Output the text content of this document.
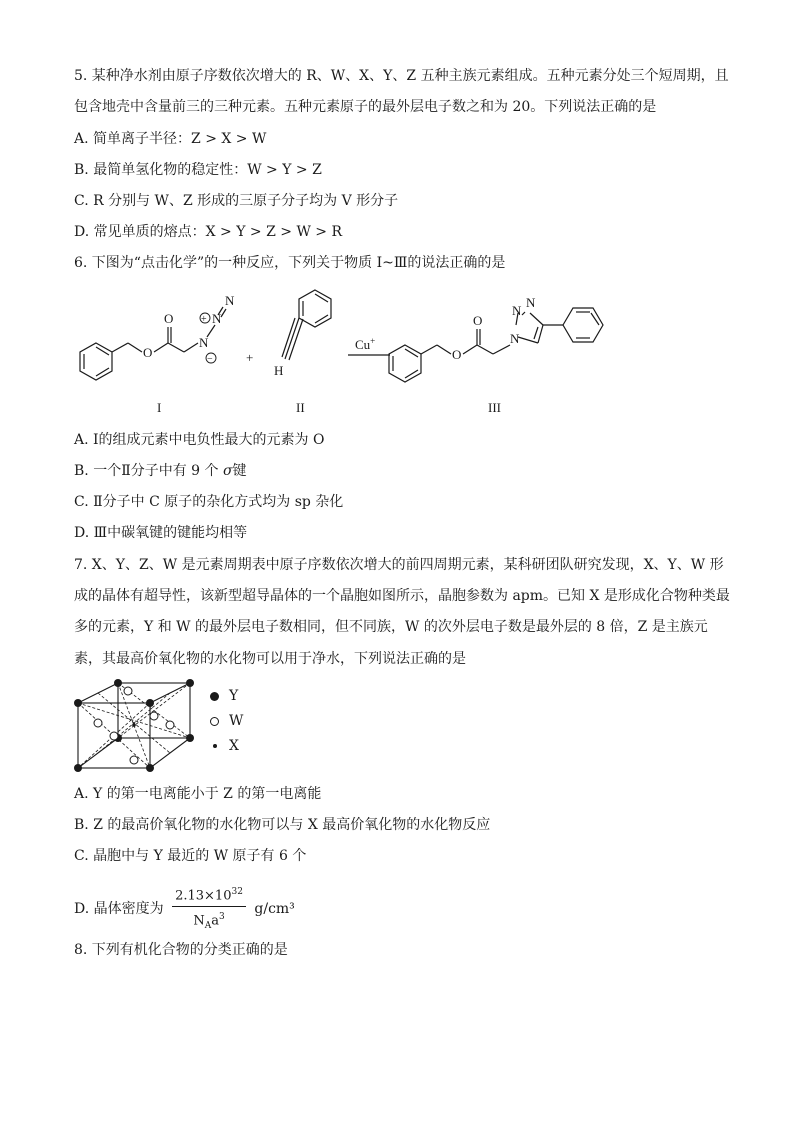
5. 某种净水剂由原子序数依次增大的 R、W、X、Y、Z 五种主族元素组成。五种元素分处三个短周期，且
包含地壳中含量前三的三种元素。五种元素原子的最外层电子数之和为 20。下列说法正确的是
A. 简单离子半径：Z > X > W
B. 最简单氢化物的稳定性：W > Y > Z
C. R 分别与 W、Z 形成的三原子分子均为 V 形分子
D. 常见单质的熔点：X > Y > Z > W > R
6. 下图为“点击化学”的一种反应，下列关于物质 Ⅰ~Ⅲ的说法正确的是
O
O
N
N
N
+
−	+
H
Cu+
O
O
N
N
N
I	II	III
A. Ⅰ的组成元素中电负性最大的元素为 O
B. 一个Ⅱ分子中有 9 个 σ键
C. Ⅱ分子中 C 原子的杂化方式均为 sp 杂化
D. Ⅲ中碳氧键的键能均相等
7. X、Y、Z、W 是元素周期表中原子序数依次增大的前四周期元素，某科研团队研究发现，X、Y、W 形
成的晶体有超导性，该新型超导晶体的一个晶胞如图所示，晶胞参数为 apm。已知 X 是形成化合物种类最
多的元素，Y 和 W 的最外层电子数相同，但不同族，W 的次外层电子数是最外层的 8 倍，Z 是主族元
素，其最高价氧化物的水化物可以用于净水，下列说法正确的是
Y
W
X
A. Y 的第一电离能小于 Z 的第一电离能
B. Z 的最高价氧化物的水化物可以与 X 最高价氧化物的水化物反应
C. 晶胞中与 Y 最近的 W 原子有 6 个
D. 晶体密度为 $\frac{2.13\times 10^{32}}{N_Aa^3} g/cm^3$
8. 下列有机化合物的分类正确的是
